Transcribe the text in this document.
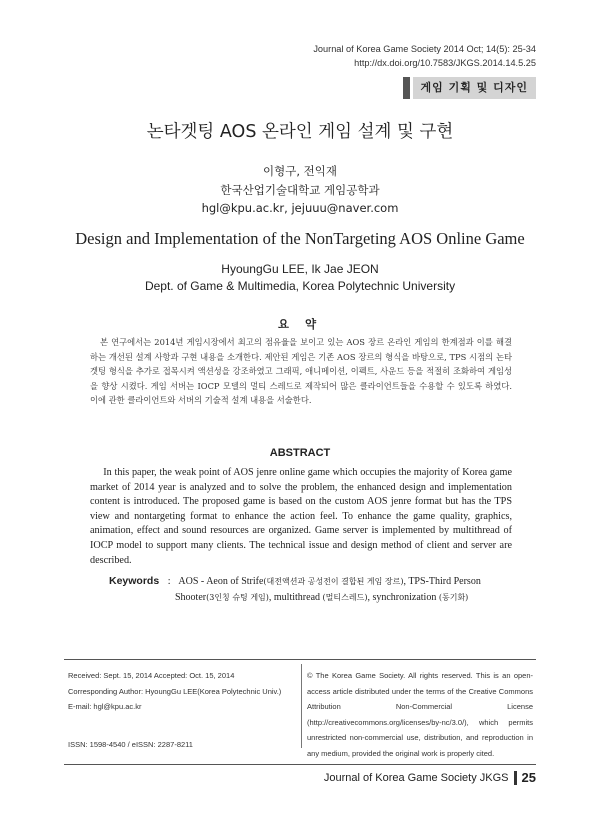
Journal of Korea Game Society 2014 Oct; 14(5): 25-34
http://dx.doi.org/10.7583/JKGS.2014.14.5.25
게임 기획 및 디자인
논타겟팅 AOS 온라인 게임 설계 및 구현
이형구, 전익재
한국산업기술대학교 게임공학과
hgl@kpu.ac.kr, jejuuu@naver.com
Design and Implementation of the NonTargeting AOS Online Game
HyoungGu LEE, Ik Jae JEON
Dept. of Game & Multimedia, Korea Polytechnic University
요 약
본 연구에서는 2014년 게임시장에서 최고의 점유율을 보이고 있는 AOS 장르 온라인 게임의 한계점과 이를 해결하는 개선된 설계 사항과 구현 내용을 소개한다. 제안된 게임은 기존 AOS 장르의 형식을 바탕으로, TPS 시점의 논타겟팅 형식을 추가로 접목시켜 액션성을 강조하였고 그래픽, 애니메이션, 이펙트, 사운드 등을 적절히 조화하여 게임성을 향상 시켰다. 게임 서버는 IOCP 모델의 멀티 스레드로 제작되어 많은 클라이언트들을 수용할 수 있도록 하였다. 이에 관한 클라이언트와 서버의 기술적 설계 내용을 서술한다.
ABSTRACT
In this paper, the weak point of AOS jenre online game which occupies the majority of Korea game market of 2014 year is analyzed and to solve the problem, the enhanced design and implementation content is introduced. The proposed game is based on the custom AOS jenre format but has the TPS view and nontargeting format to enhance the action feel. To enhance the game quality, graphics, animation, effect and sound resources are organized. Game server is implemented by multithread of IOCP model to support many clients. The technical issue and design method of client and server are described.
Keywords : AOS - Aeon of Strife(대전액션과 공성전이 결합된 게임 장르), TPS-Third Person
Shooter(3인칭 슈팅 게임), multithread (멀티스레드), synchronization (동기화)
Received: Sept. 15, 2014 Accepted: Oct. 15, 2014
Corresponding Author: HyoungGu LEE(Korea Polytechnic Univ.)
E-mail: hgl@kpu.ac.kr
ISSN: 1598-4540 / eISSN: 2287-8211
© The Korea Game Society. All rights reserved. This is an open-access article distributed under the terms of the Creative Commons Attribution Non-Commercial License (http://creativecommons.org/licenses/by-nc/3.0/), which permits unrestricted non-commercial use, distribution, and reproduction in any medium, provided the original work is properly cited.
Journal of Korea Game Society JKGS 25
